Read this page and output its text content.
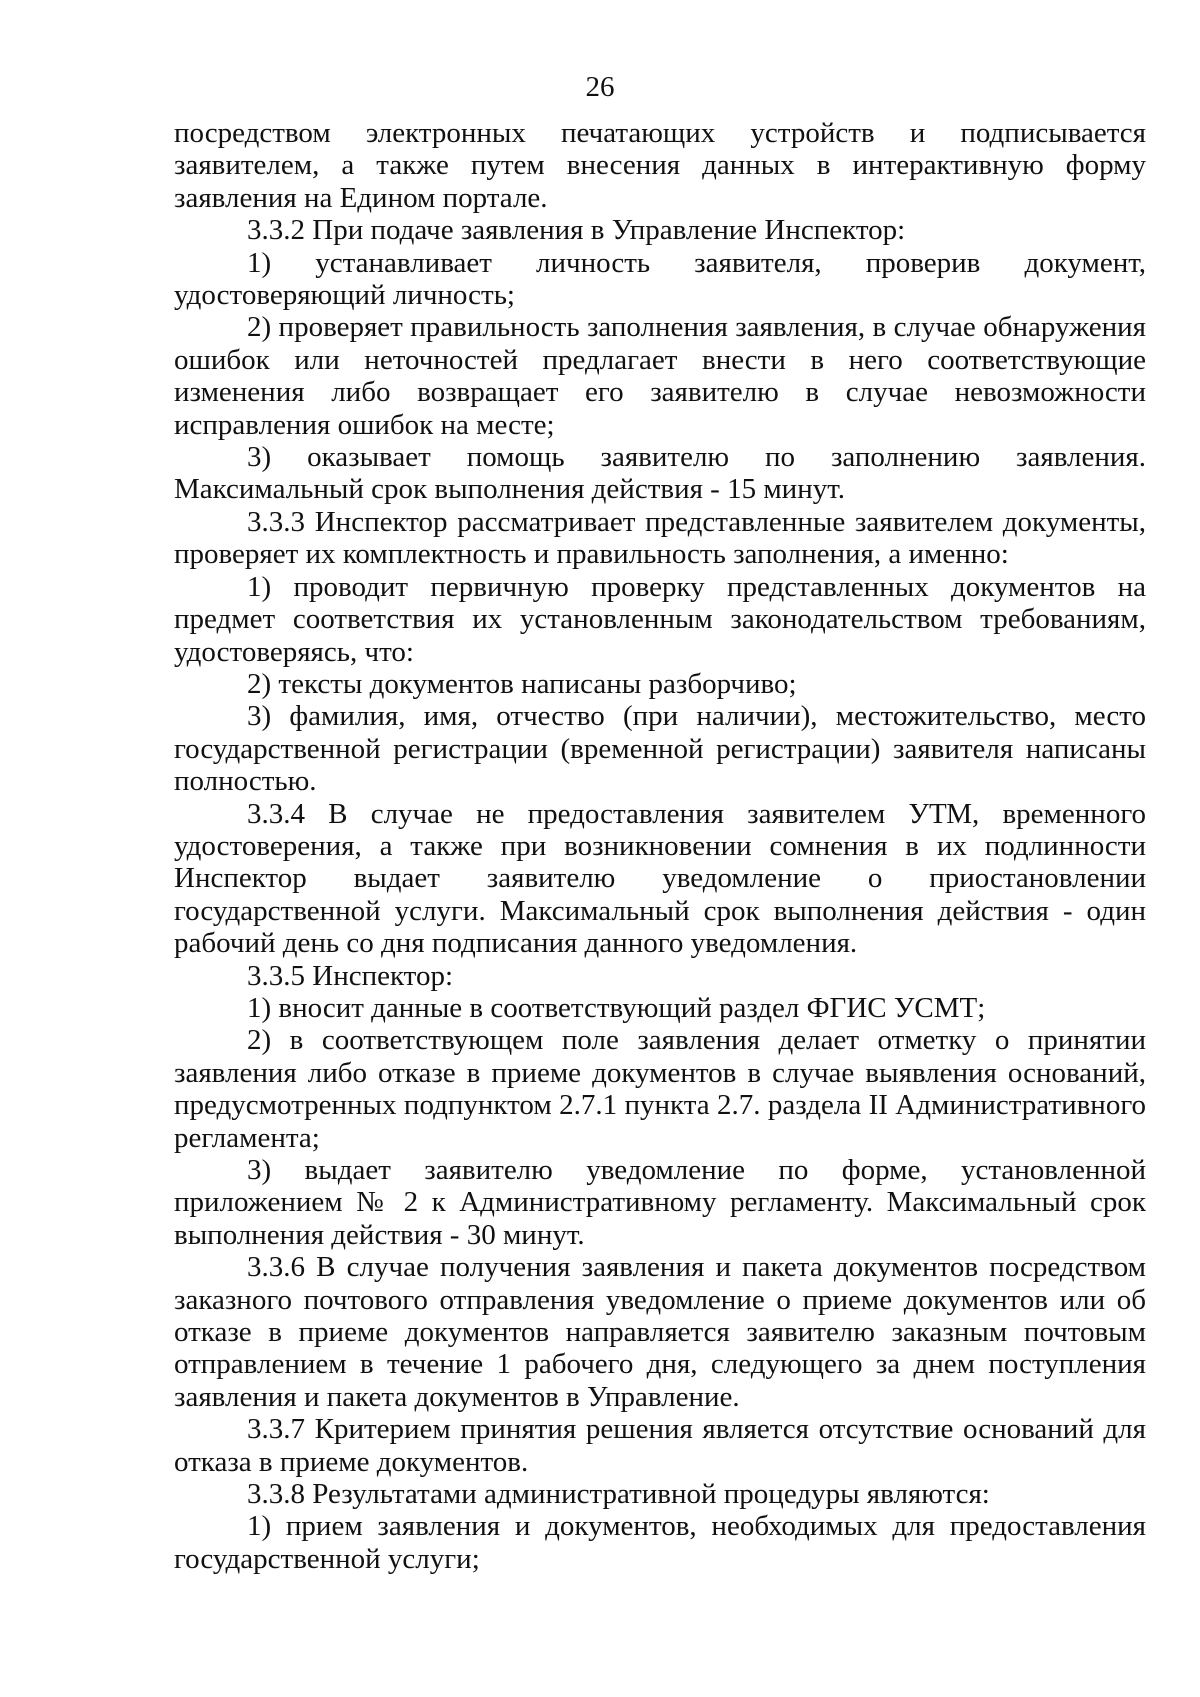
26

посредством электронных печатающих устройств и подписывается заявителем, а также путем внесения данных в интерактивную форму заявления на Едином портале.

3.3.2 При подаче заявления в Управление Инспектор:

1) устанавливает личность заявителя, проверив документ, удостоверяющий личность;

2) проверяет правильность заполнения заявления, в случае обнаружения ошибок или неточностей предлагает внести в него соответствующие изменения либо возвращает его заявителю в случае невозможности исправления ошибок на месте;

3) оказывает помощь заявителю по заполнению заявления. Максимальный срок выполнения действия - 15 минут.

3.3.3 Инспектор рассматривает представленные заявителем документы, проверяет их комплектность и правильность заполнения, а именно:

1) проводит первичную проверку представленных документов на предмет соответствия их установленным законодательством требованиям, удостоверяясь, что:

2) тексты документов написаны разборчиво;

3) фамилия, имя, отчество (при наличии), местожительство, место государственной регистрации (временной регистрации) заявителя написаны полностью.

3.3.4 В случае не предоставления заявителем УТМ, временного удостоверения, а также при возникновении сомнения в их подлинности Инспектор выдает заявителю уведомление о приостановлении государственной услуги. Максимальный срок выполнения действия - один рабочий день со дня подписания данного уведомления.

3.3.5 Инспектор:

1) вносит данные в соответствующий раздел ФГИС УСМТ;

2) в соответствующем поле заявления делает отметку о принятии заявления либо отказе в приеме документов в случае выявления оснований, предусмотренных подпунктом 2.7.1 пункта 2.7. раздела II Административного регламента;

3) выдает заявителю уведомление по форме, установленной приложением № 2 к Административному регламенту. Максимальный срок выполнения действия - 30 минут.

3.3.6 В случае получения заявления и пакета документов посредством заказного почтового отправления уведомление о приеме документов или об отказе в приеме документов направляется заявителю заказным почтовым отправлением в течение 1 рабочего дня, следующего за днем поступления заявления и пакета документов в Управление.

3.3.7 Критерием принятия решения является отсутствие оснований для отказа в приеме документов.

3.3.8 Результатами административной процедуры являются:

1) прием заявления и документов, необходимых для предоставления государственной услуги;
